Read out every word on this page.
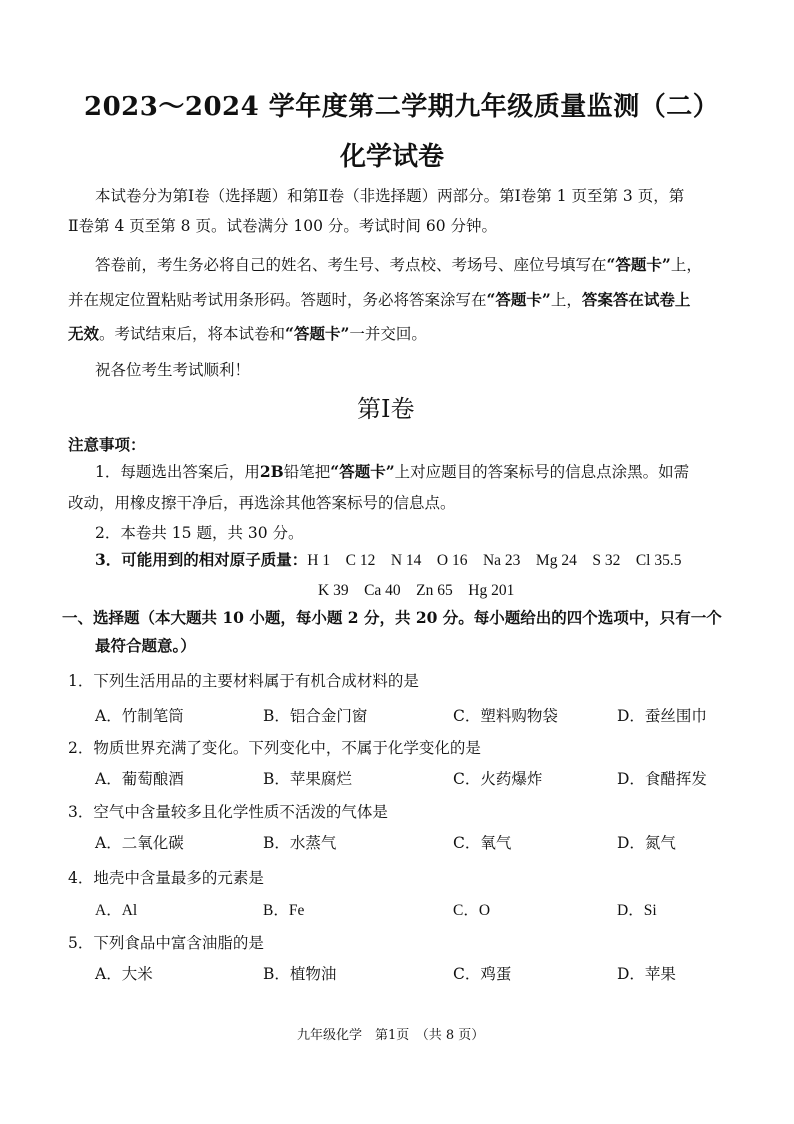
2023～2024 学年度第二学期九年级质量监测（二）
化学试卷
本试卷分为第Ⅰ卷（选择题）和第Ⅱ卷（非选择题）两部分。第Ⅰ卷第 1 页至第 3 页，第
Ⅱ卷第 4 页至第 8 页。试卷满分 100 分。考试时间 60 分钟。
答卷前，考生务必将自己的姓名、考生号、考点校、考场号、座位号填写在“答题卡”上，
并在规定位置粘贴考试用条形码。答题时，务必将答案涂写在“答题卡”上，答案答在试卷上
无效。考试结束后，将本试卷和“答题卡”一并交回。
祝各位考生考试顺利！
第Ⅰ卷
注意事项：
1．每题选出答案后，用2B铅笔把“答题卡”上对应题目的答案标号的信息点涂黑。如需
改动，用橡皮擦干净后，再选涂其他答案标号的信息点。
2．本卷共 15 题，共 30 分。
3．可能用到的相对原子质量：H 1　C 12　N 14　O 16　Na 23　Mg 24　S 32　Cl 35.5
K 39　Ca 40　Zn 65　Hg 201
一、选择题（本大题共 10 小题，每小题 2 分，共 20 分。每小题给出的四个选项中，只有一个
最符合题意。）
1．下列生活用品的主要材料属于有机合成材料的是
A．竹制笔筒	B．铝合金门窗	C．塑料购物袋	D．蚕丝围巾
2．物质世界充满了变化。下列变化中，不属于化学变化的是
A．葡萄酿酒	B．苹果腐烂	C．火药爆炸	D．食醋挥发
3．空气中含量较多且化学性质不活泼的气体是
A．二氧化碳	B．水蒸气	C．氧气	D．氮气
4．地壳中含量最多的元素是
A．Al	B．Fe	C．O	D．Si
5．下列食品中富含油脂的是
A．大米	B．植物油	C．鸡蛋	D．苹果
九年级化学　第1页　（共 8 页）
